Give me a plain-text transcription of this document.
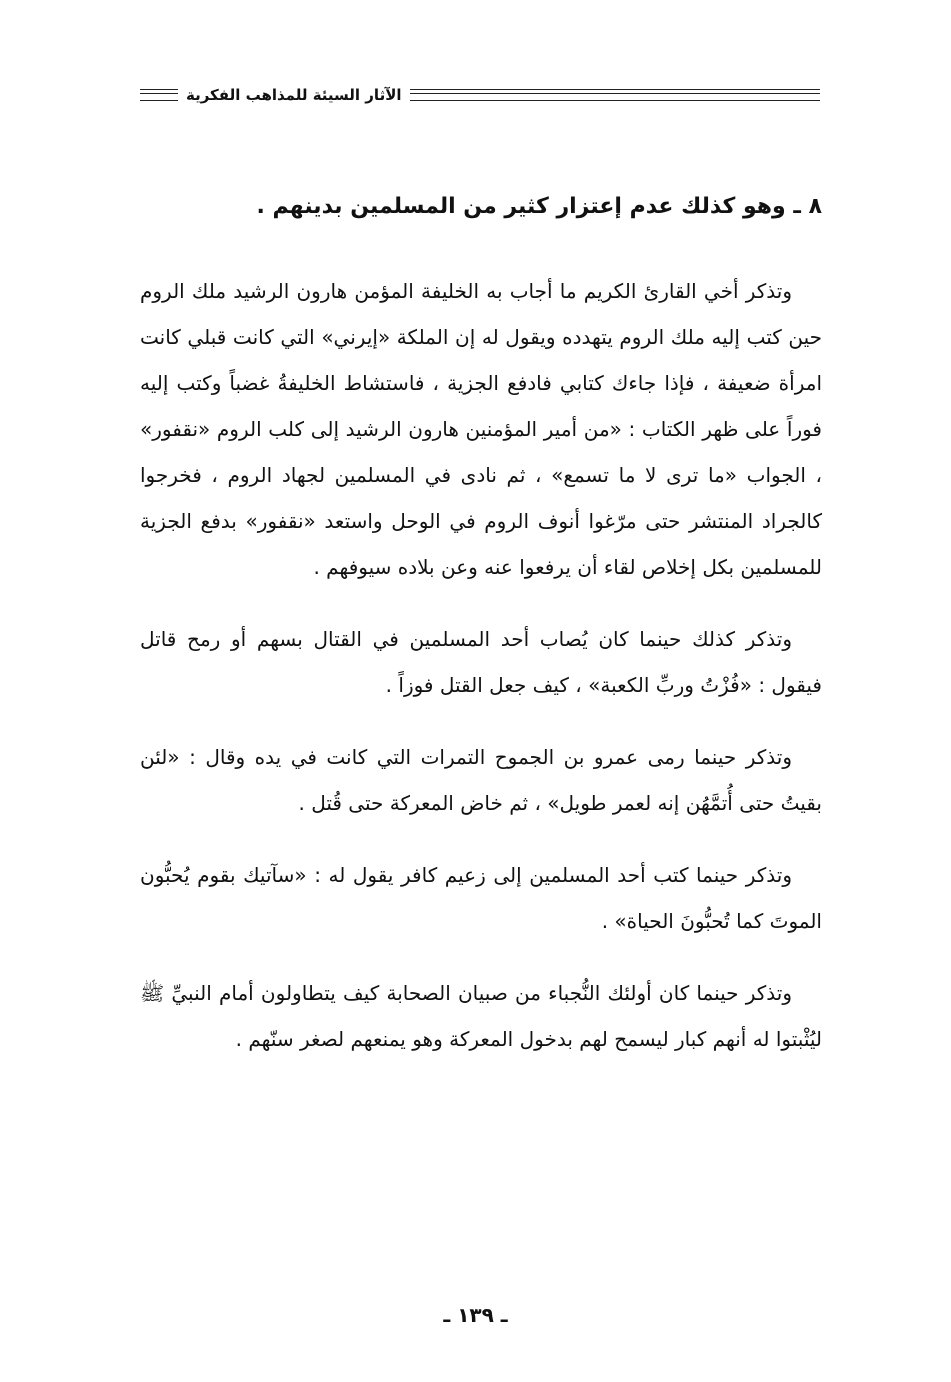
الآثار السيئة للمذاهب الفكرية
٨ ـ وهو كذلك عدم إعتزار كثير من المسلمين بدينهم .

وتذكر أخي القارئ الكريم ما أجاب به الخليفة المؤمن هارون الرشيد ملك الروم حين كتب إليه ملك الروم يتهدده ويقول له إن الملكة «إيرني» التي كانت قبلي كانت امرأة ضعيفة ، فإذا جاءك كتابي فادفع الجزية ، فاستشاط الخليفةُ غضباً وكتب إليه فوراً على ظهر الكتاب : «من أمير المؤمنين هارون الرشيد إلى كلب الروم «نقفور» ، الجواب «ما ترى لا ما تسمع» ، ثم نادى في المسلمين لجهاد الروم ، فخرجوا كالجراد المنتشر حتى مرّغوا أنوف الروم في الوحل واستعد «نقفور» بدفع الجزية للمسلمين بكل إخلاص لقاء أن يرفعوا عنه وعن بلاده سيوفهم .

وتذكر كذلك حينما كان يُصاب أحد المسلمين في القتال بسهم أو رمح قاتل فيقول : «فُزْتُ وربِّ الكعبة» ، كيف جعل القتل فوزاً .

وتذكر حينما رمى عمرو بن الجموح التمرات التي كانت في يده وقال : «لئن بقيتُ حتى أُتمَّهُن إنه لعمر طويل» ، ثم خاض المعركة حتى قُتل .

وتذكر حينما كتب أحد المسلمين إلى زعيم كافر يقول له : «سآتيك بقوم يُحبُّون الموتَ كما تُحبُّونَ الحياة» .

وتذكر حينما كان أولئك النُّجباء من صبيان الصحابة كيف يتطاولون أمام النبيِّ ﷺ ليُثْبتوا له أنهم كبار ليسمح لهم بدخول المعركة وهو يمنعهم لصغر سنّهم .

ـ ١٣٩ ـ
